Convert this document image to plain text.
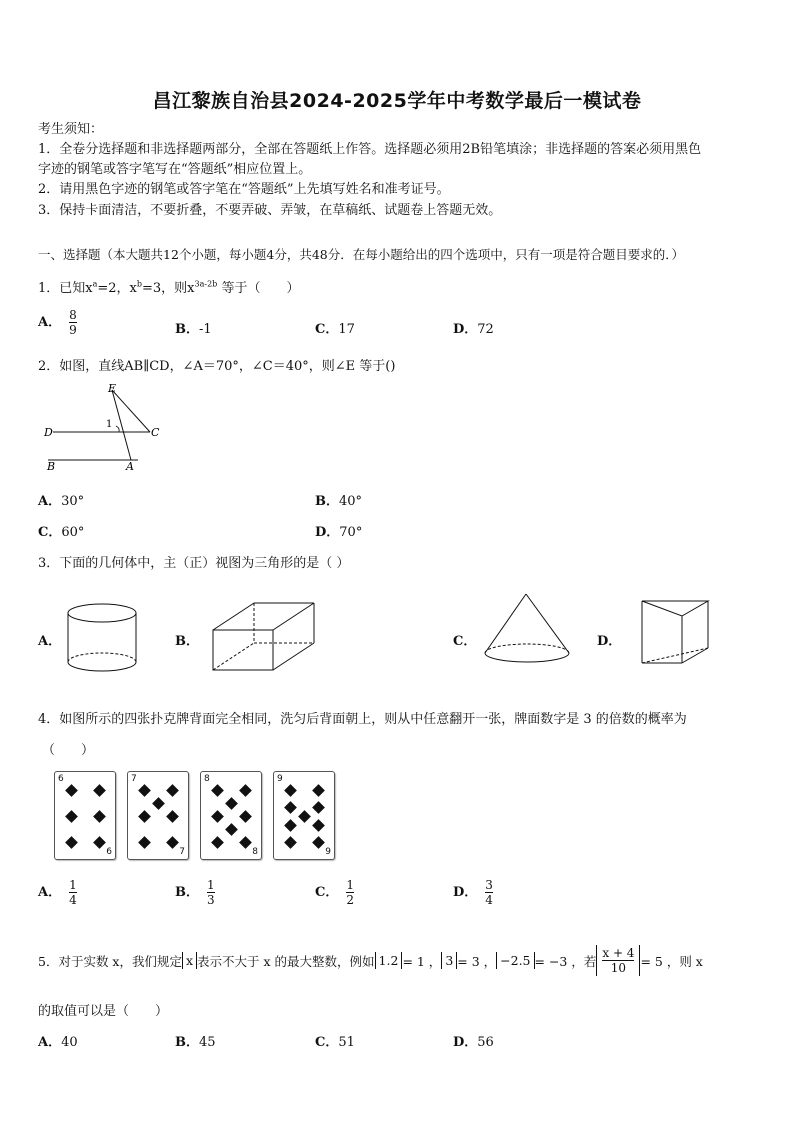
昌江黎族自治县2024-2025学年中考数学最后一模试卷
考生须知：
1．全卷分选择题和非选择题两部分，全部在答题纸上作答。选择题必须用2B铅笔填涂；非选择题的答案必须用黑色
字迹的钢笔或答字笔写在“答题纸”相应位置上。
2．请用黑色字迹的钢笔或答字笔在“答题纸”上先填写姓名和准考证号。
3．保持卡面清洁，不要折叠，不要弄破、弄皱，在草稿纸、试题卷上答题无效。
一、选择题（本大题共12个小题，每小题4分，共48分．在每小题给出的四个选项中，只有一项是符合题目要求的．）
1．已知$x^a=2$，$x^b=3$，则$x^{3a-2b}$ 等于（　　）
A． $\frac{8}{9}$	B．-1	C．17	D．72
2．如图，直线AB∥CD，∠A＝70°，∠C＝40°，则∠E 等于()
E
D	C
B	A
1
A．30°	B．40°
C．60°	D．70°
3．下面的几何体中，主（正）视图为三角形的是（ ）
A．	B．	C．	D．
4．如图所示的四张扑克牌背面完全相同，洗匀后背面朝上，则从中任意翻开一张，牌面数字是 3 的倍数的概率为
（　　）
6
6
7
7
8
8
9
9
A． $\frac{1}{4}$	B． $\frac{1}{3}$	C． $\frac{1}{2}$	D． $\frac{3}{4}$
5．对于实数 x，我们规定 x 表示不大于 x 的最大整数，例如 1.2 = 1 ， 3 = 3 ， −2.5 = −3 ，若 $\frac{x + 4}{10} = 5$ ，则 x
的取值可以是（　　）
A．40	B．45	C．51	D．56
